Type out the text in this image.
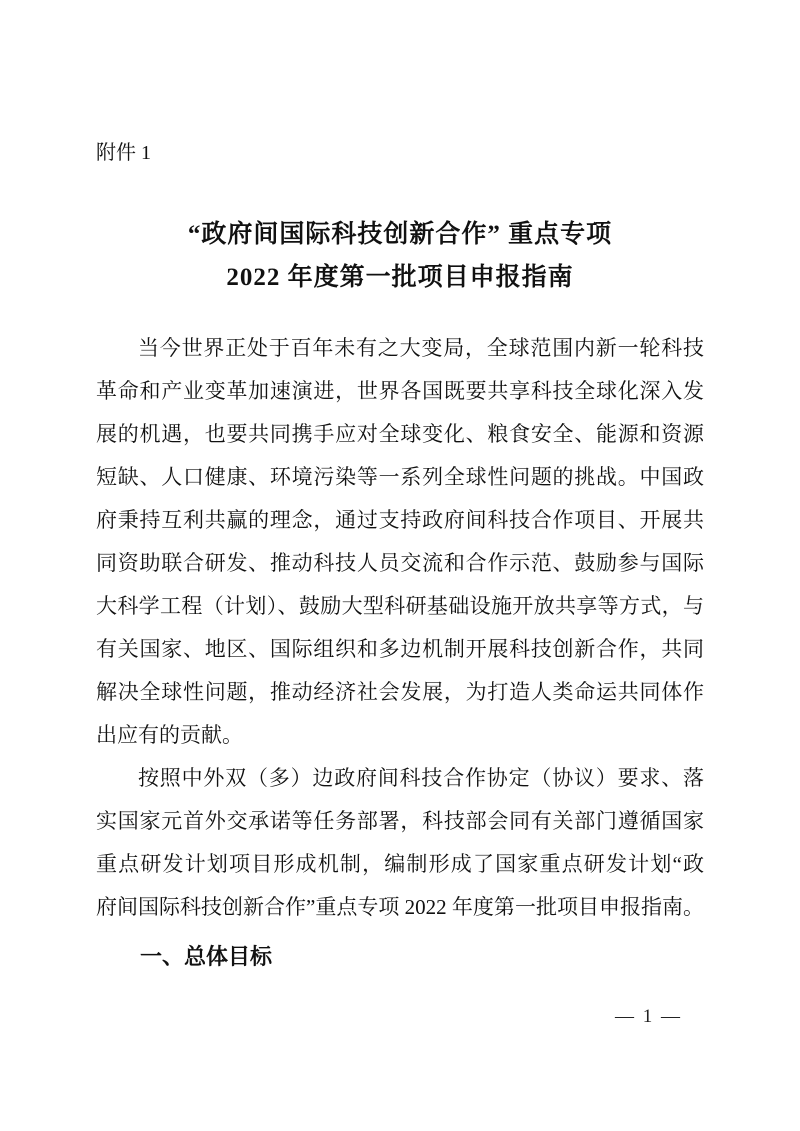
附件 1
“政府间国际科技创新合作” 重点专项
2022 年度第一批项目申报指南
当今世界正处于百年未有之大变局，全球范围内新一轮科技
革命和产业变革加速演进，世界各国既要共享科技全球化深入发
展的机遇，也要共同携手应对全球变化、粮食安全、能源和资源
短缺、人口健康、环境污染等一系列全球性问题的挑战。中国政
府秉持互利共赢的理念，通过支持政府间科技合作项目、开展共
同资助联合研发、推动科技人员交流和合作示范、鼓励参与国际
大科学工程（计划）、鼓励大型科研基础设施开放共享等方式，与
有关国家、地区、国际组织和多边机制开展科技创新合作，共同
解决全球性问题，推动经济社会发展，为打造人类命运共同体作
出应有的贡献。
按照中外双（多）边政府间科技合作协定（协议）要求、落
实国家元首外交承诺等任务部署，科技部会同有关部门遵循国家
重点研发计划项目形成机制，编制形成了国家重点研发计划“政
府间国际科技创新合作”重点专项 2022 年度第一批项目申报指南。
一、总体目标
— 1 —
